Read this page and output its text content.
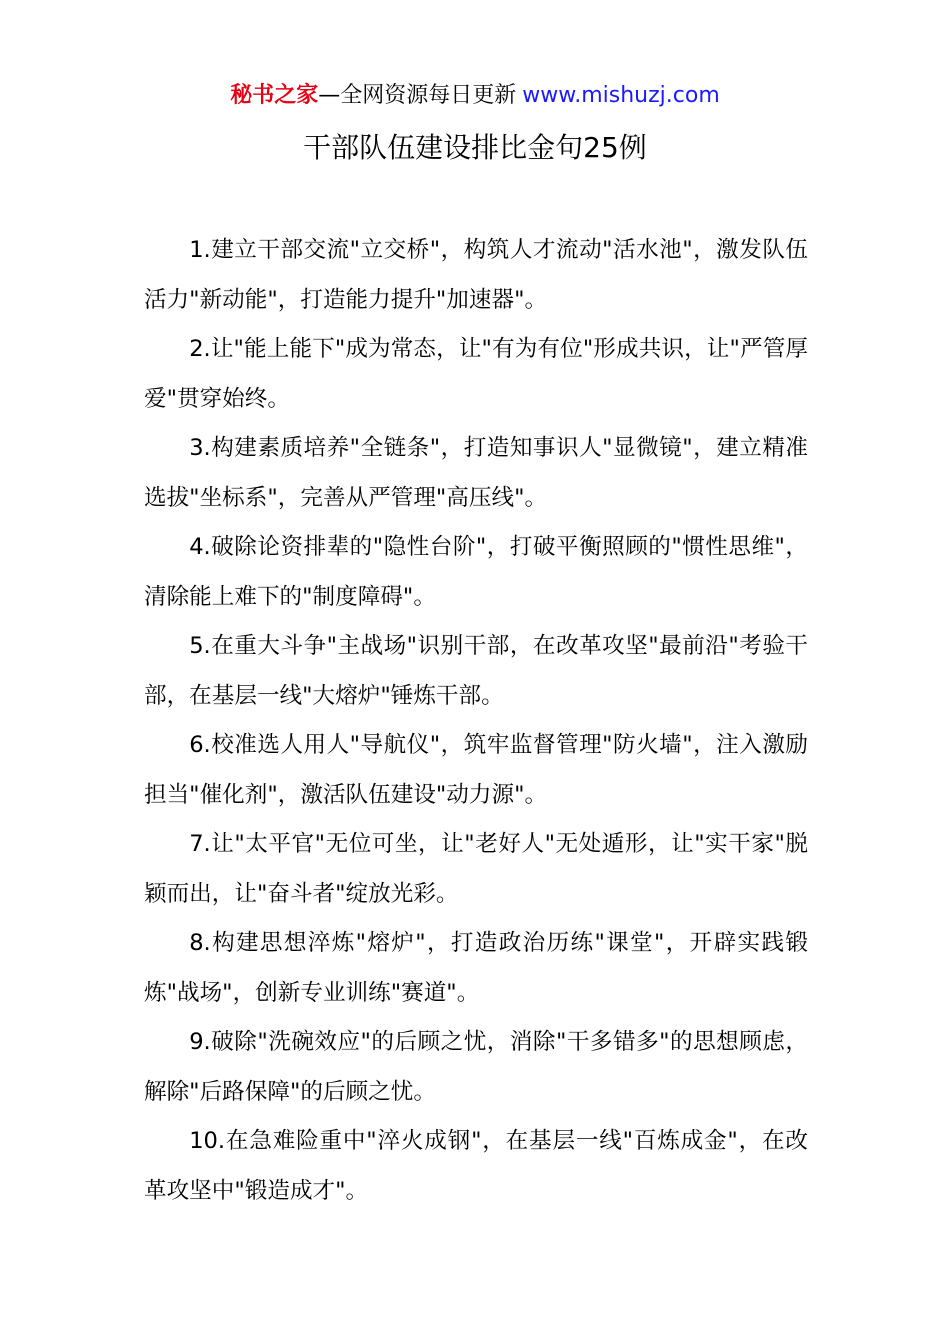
秘书之家—全网资源每日更新 www.mishuzj.com
干部队伍建设排比金句25例

1.建立干部交流"立交桥"，构筑人才流动"活水池"，激发队伍活力"新动能"，打造能力提升"加速器"。

2.让"能上能下"成为常态，让"有为有位"形成共识，让"严管厚爱"贯穿始终。

3.构建素质培养"全链条"，打造知事识人"显微镜"，建立精准选拔"坐标系"，完善从严管理"高压线"。

4.破除论资排辈的"隐性台阶"，打破平衡照顾的"惯性思维"，清除能上难下的"制度障碍"。

5.在重大斗争"主战场"识别干部，在改革攻坚"最前沿"考验干部，在基层一线"大熔炉"锤炼干部。

6.校准选人用人"导航仪"，筑牢监督管理"防火墙"，注入激励担当"催化剂"，激活队伍建设"动力源"。

7.让"太平官"无位可坐，让"老好人"无处遁形，让"实干家"脱颖而出，让"奋斗者"绽放光彩。

8.构建思想淬炼"熔炉"，打造政治历练"课堂"，开辟实践锻炼"战场"，创新专业训练"赛道"。

9.破除"洗碗效应"的后顾之忧，消除"干多错多"的思想顾虑，解除"后路保障"的后顾之忧。

10.在急难险重中"淬火成钢"，在基层一线"百炼成金"，在改革攻坚中"锻造成才"。
